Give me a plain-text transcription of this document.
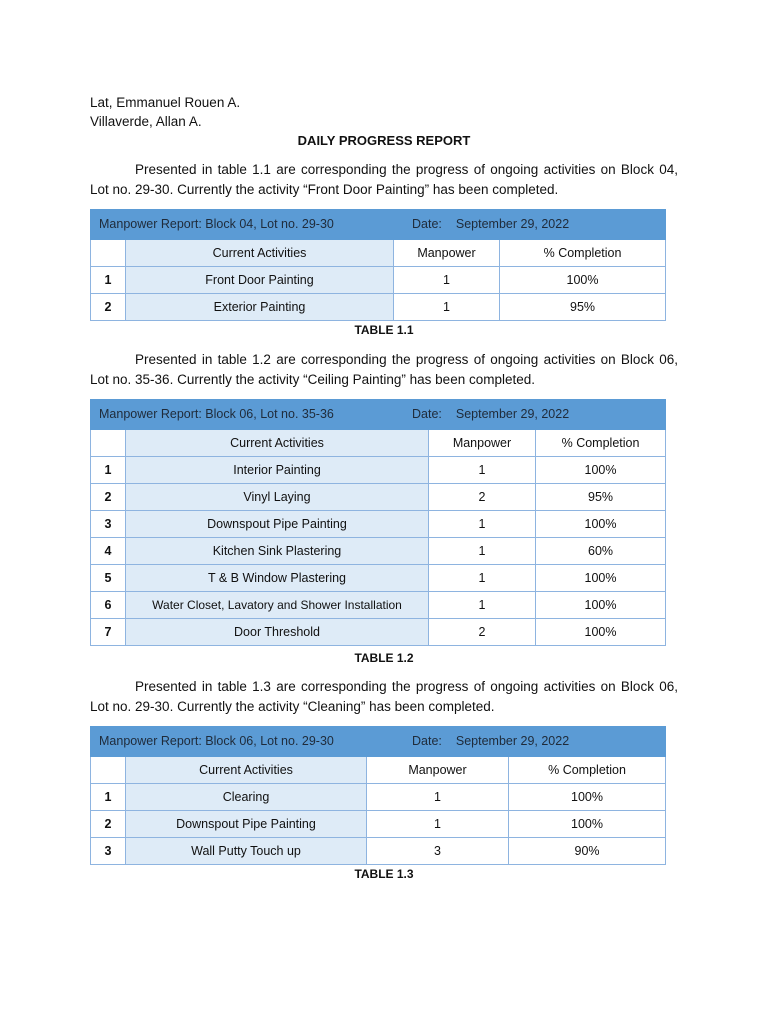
Lat, Emmanuel Rouen A.
Villaverde, Allan A.
DAILY PROGRESS REPORT
Presented in table 1.1 are corresponding the progress of ongoing activities on Block 04, Lot no. 29-30. Currently the activity “Front Door Painting” has been completed.
Manpower Report: Block 04, Lot no. 29-30 Date: September 29, 2022			

	Current Activities	Manpower	% Completion
1	Front Door Painting	1	100%
2	Exterior Painting	1	95%
TABLE 1.1
Presented in table 1.2 are corresponding the progress of ongoing activities on Block 06, Lot no. 35-36. Currently the activity “Ceiling Painting” has been completed.
Manpower Report: Block 06, Lot no. 35-36 Date: September 29, 2022			

	Current Activities	Manpower	% Completion
1	Interior Painting	1	100%
2	Vinyl Laying	2	95%
3	Downspout Pipe Painting	1	100%
4	Kitchen Sink Plastering	1	60%
5	T & B Window Plastering	1	100%
6	Water Closet, Lavatory and Shower Installation	1	100%
7	Door Threshold	2	100%
TABLE 1.2
Presented in table 1.3 are corresponding the progress of ongoing activities on Block 06, Lot no. 29-30. Currently the activity “Cleaning” has been completed.
Manpower Report: Block 06, Lot no. 29-30 Date: September 29, 2022			

	Current Activities	Manpower	% Completion
1	Clearing	1	100%
2	Downspout Pipe Painting	1	100%
3	Wall Putty Touch up	3	90%
TABLE 1.3
